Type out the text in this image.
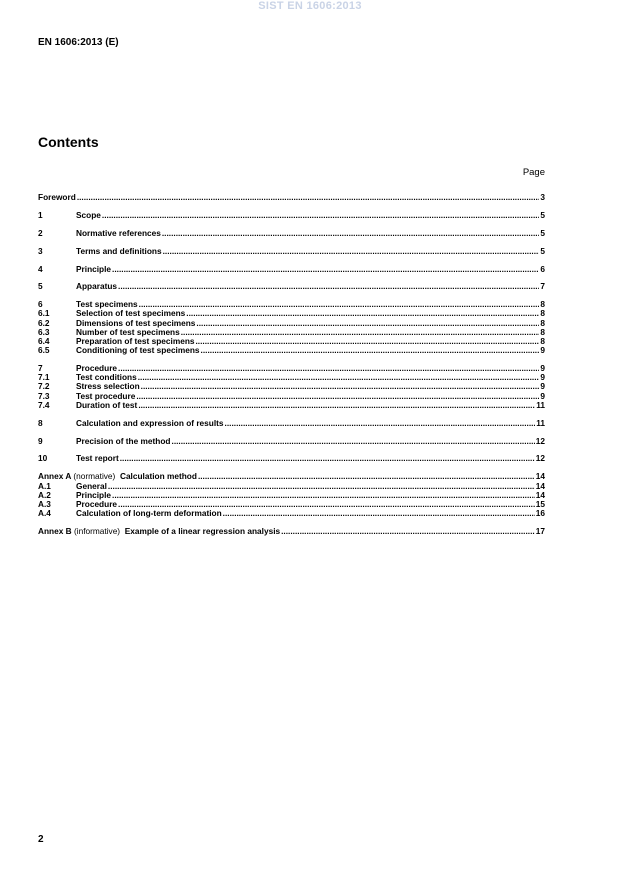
SIST EN 1606:2013
EN 1606:2013 (E)
Contents
Page
Foreword .....	3
1	Scope .....	5
2	Normative references .....	5
3	Terms and definitions .....	5
4	Principle .....	6
5	Apparatus .....	7
6	Test specimens .....	8
6.1	Selection of test specimens .....	8
6.2	Dimensions of test specimens .....	8
6.3	Number of test specimens .....	8
6.4	Preparation of test specimens .....	8
6.5	Conditioning of test specimens .....	9
7	Procedure .....	9
7.1	Test conditions .....	9
7.2	Stress selection .....	9
7.3	Test procedure .....	9
7.4	Duration of test .....	11
8	Calculation and expression of results .....	11
9	Precision of the method .....	12
10	Test report .....	12
Annex A (normative) Calculation method .....	14
A.1	General .....	14
A.2	Principle .....	14
A.3	Procedure .....	15
A.4	Calculation of long-term deformation .....	16
Annex B (informative) Example of a linear regression analysis .....	17
2
